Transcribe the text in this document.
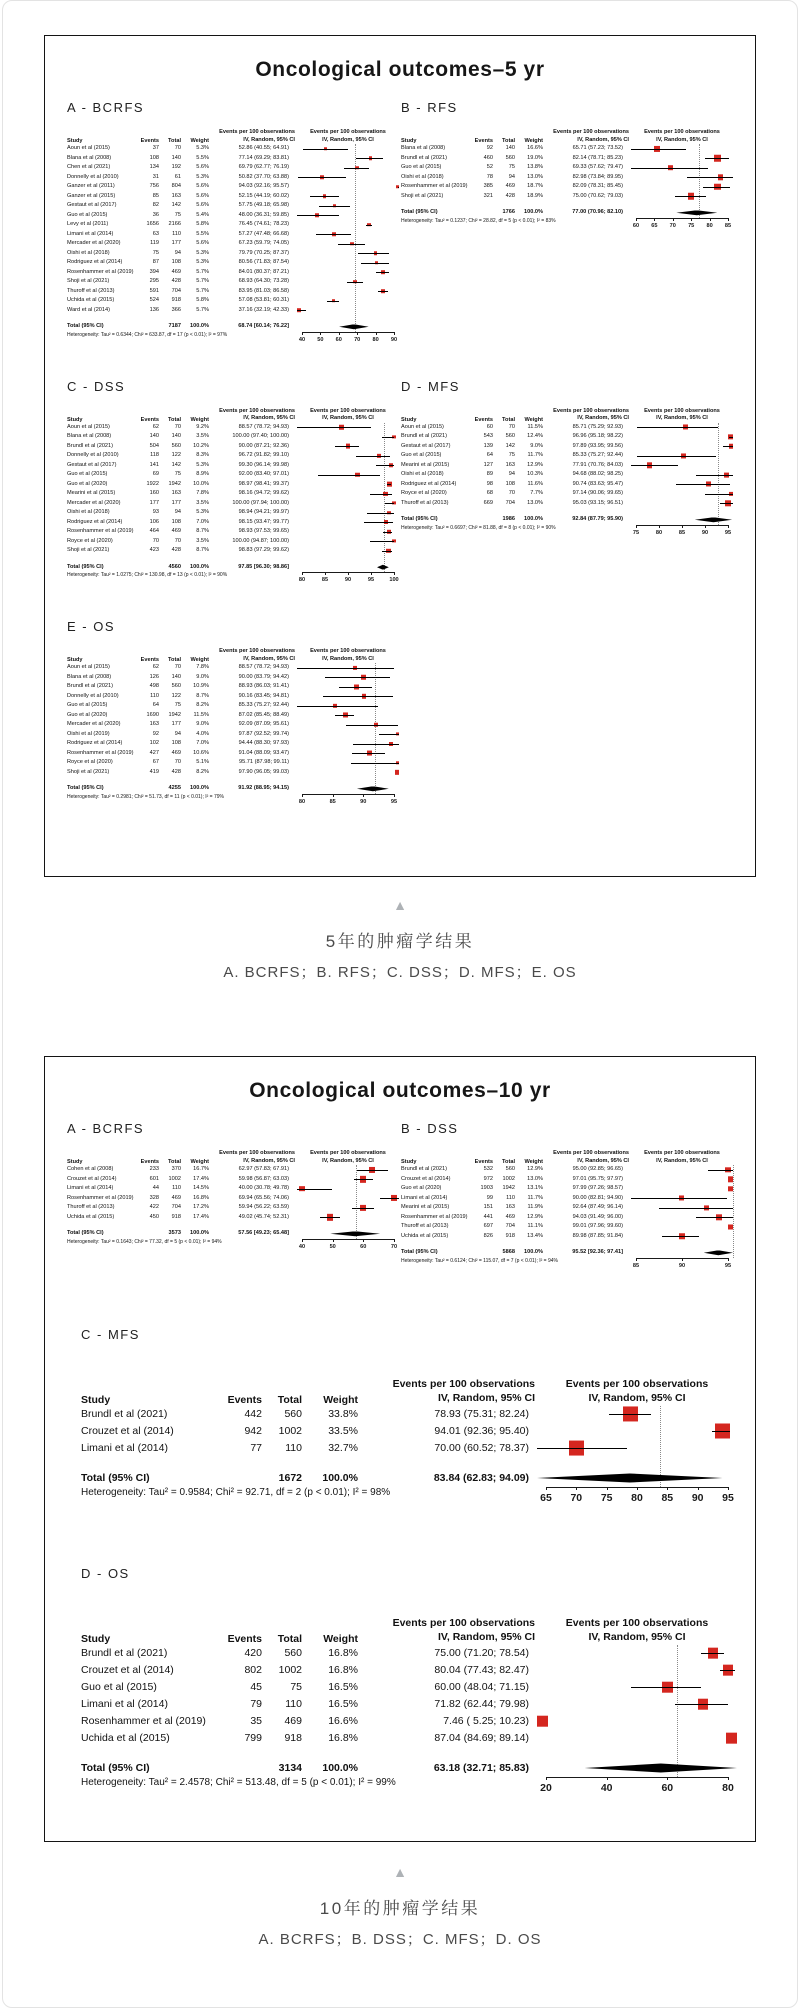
Oncological outcomes–5 yr
A - BCRFS
Study	Events	Total	Weight
Events per 100 observations
IV, Random, 95% CI
Aoun et al (2015)	37	70	5.3%	52.86 (40.55; 64.91)
Blana et al (2008)	108	140	5.5%	77.14 (69.29; 83.81)
Chen et al (2021)	134	192	5.6%	69.79 (62.77; 76.19)
Donnelly et al (2010)	31	61	5.3%	50.82 (37.70; 63.88)
Ganzer et al (2011)	756	804	5.6%	94.03 (92.16; 95.57)
Ganzer et al (2015)	85	163	5.6%	52.15 (44.19; 60.02)
Gestaut et al (2017)	82	142	5.6%	57.75 (49.18; 65.98)
Guo et al (2015)	36	75	5.4%	48.00 (36.31; 59.85)
Levy et al (2011)	1656	2166	5.8%	76.45 (74.61; 78.23)
Limani et al (2014)	63	110	5.5%	57.27 (47.48; 66.68)
Mercader et al (2020)	119	177	5.6%	67.23 (59.79; 74.05)
Oishi et al (2018)	75	94	5.3%	79.79 (70.25; 87.37)
Rodriguez et al (2014)	87	108	5.3%	80.56 (71.83; 87.54)
Rosenhammer et al (2019)	394	469	5.7%	84.01 (80.37; 87.21)
Shoji et al (2021)	295	428	5.7%	68.93 (64.30; 73.28)
Thuroff et al (2013)	591	704	5.7%	83.95 (81.03; 86.58)
Uchida et al (2015)	524	918	5.8%	57.08 (53.81; 60.31)
Ward et al (2014)	136	366	5.7%	37.16 (32.19; 42.33)
Total (95% CI)	7187	100.0%	68.74 [60.14; 76.22]
Heterogeneity: Tau² = 0.6344; Chi² = 633.87, df = 17 (p < 0.01); I² = 97%
Events per 100 observations
IV, Random, 95% CI
40 50 60 70 80 90
B - RFS
Study	Events	Total	Weight
Events per 100 observations
IV, Random, 95% CI
Blana et al (2008)	92	140	16.6%	65.71 (57.23; 73.52)
Brundl et al (2021)	460	560	19.0%	82.14 (78.71; 85.23)
Guo et al (2015)	52	75	13.8%	69.33 (57.62; 79.47)
Oishi et al (2018)	78	94	13.0%	82.98 (73.84; 89.95)
Rosenhammer et al (2019)	385	469	18.7%	82.09 (78.31; 85.45)
Shoji et al (2021)	321	428	18.9%	75.00 (70.62; 79.03)
Total (95% CI)	1766	100.0%	77.00 (70.96; 82.10)
Heterogeneity: Tau² = 0.1237; Chi² = 28.82, df = 5 (p < 0.01); I² = 83%
Events per 100 observations
IV, Random, 95% CI
60 65 70 75 80 85
C - DSS
Study	Events	Total	Weight
Events per 100 observations
IV, Random, 95% CI
Aoun et al (2015)	62	70	9.2%	88.57 (78.72; 94.93)
Blana et al (2008)	140	140	3.5%	100.00 (97.40; 100.00)
Brundl et al (2021)	504	560	10.2%	90.00 (87.21; 92.36)
Donnelly et al (2010)	118	122	8.3%	96.72 (91.82; 99.10)
Gestaut et al (2017)	141	142	5.3%	99.30 (96.14; 99.98)
Guo et al (2015)	69	75	8.9%	92.00 (83.40; 97.01)
Guo et al (2020)	1922	1942	10.0%	98.97 (98.41; 99.37)
Mearini et al (2015)	160	163	7.8%	98.16 (94.72; 99.62)
Mercader et al (2020)	177	177	3.5%	100.00 (97.94; 100.00)
Oishi et al (2018)	93	94	5.3%	98.94 (94.21; 99.97)
Rodriguez et al (2014)	106	108	7.0%	98.15 (93.47; 99.77)
Rosenhammer et al (2019)	464	469	8.7%	98.93 (97.53; 99.65)
Royce et al (2020)	70	70	3.5%	100.00 (94.87; 100.00)
Shoji et al (2021)	423	428	8.7%	98.83 (97.29; 99.62)
Total (95% CI)	4560	100.0%	97.85 [96.30; 98.86]
Heterogeneity: Tau² = 1.0275; Chi² = 130.98, df = 13 (p < 0.01); I² = 90%
Events per 100 observations
IV, Random, 95% CI
80	85	90	95	100
D - MFS
Study	Events	Total	Weight
Events per 100 observations
IV, Random, 95% CI
Aoun et al (2015)	60	70	11.5%	85.71 (75.29; 92.93)
Brundl et al (2021)	543	560	12.4%	96.96 (95.18; 98.22)
Gestaut et al (2017)	139	142	9.0%	97.89 (93.95; 99.56)
Guo et al (2015)	64	75	11.7%	85.33 (75.27; 92.44)
Mearini et al (2015)	127	163	12.9%	77.91 (70.76; 84.03)
Oishi et al (2018)	89	94	10.3%	94.68 (88.02; 98.25)
Rodriguez et al (2014)	98	108	11.6%	90.74 (83.63; 95.47)
Royce et al (2020)	68	70	7.7%	97.14 (90.06; 99.65)
Thuroff et al (2013)	669	704	13.0%	95.03 (93.15; 96.51)
Total (95% CI)	1986	100.0%	92.84 (87.79; 95.90)
Heterogeneity: Tau² = 0.6697; Chi² = 81.88, df = 8 (p < 0.01); I² = 90%
Events per 100 observations
IV, Random, 95% CI
75	80	85	90	95
E - OS
Study	Events	Total	Weight
Events per 100 observations
IV, Random, 95% CI
Aoun et al (2015)	62	70	7.8%	88.57 (78.72; 94.93)
Blana et al (2008)	126	140	9.0%	90.00 (83.79; 94.42)
Brundl et al (2021)	498	560	10.9%	88.93 (86.03; 91.41)
Donnelly et al (2010)	110	122	8.7%	90.16 (83.45; 94.81)
Guo et al (2015)	64	75	8.2%	85.33 (75.27; 92.44)
Guo et al (2020)	1690	1942	11.5%	87.02 (85.45; 88.49)
Mercader et al (2020)	163	177	9.0%	92.09 (87.09; 95.61)
Oishi et al (2019)	92	94	4.0%	97.87 (92.52; 99.74)
Rodriguez et al (2014)	102	108	7.0%	94.44 (88.30; 97.93)
Rosenhammer et al (2019)	427	469	10.6%	91.04 (88.09; 93.47)
Royce et al (2020)	67	70	5.1%	95.71 (87.98; 99.11)
Shoji et al (2021)	419	428	8.2%	97.90 (96.05; 99.03)
Total (95% CI)	4255	100.0%	91.92 (88.95; 94.15)
Heterogeneity: Tau² = 0.2981; Chi² = 51.73, df = 11 (p < 0.01); I² = 79%
Events per 100 observations
IV, Random, 95% CI
80	85	90	95
▲
5年的肿瘤学结果
A. BCRFS；B. RFS；C. DSS；D. MFS；E. OS
Oncological outcomes–10 yr
A - BCRFS
Study	Events	Total	Weight
Events per 100 observations
IV, Random, 95% CI
Cohen et al (2008)	233	370	16.7%	62.97 (57.83; 67.91)
Crouzet et al (2014)	601	1002	17.4%	59.98 (56.87; 63.03)
Limani et al (2014)	44	110	14.5%	40.00 (30.78; 49.78)
Rosenhammer et al (2019)	328	469	16.8%	69.94 (65.56; 74.06)
Thuroff et al (2013)	422	704	17.2%	59.94 (56.22; 63.59)
Uchida et al (2015)	450	918	17.4%	49.02 (45.74; 52.31)
Total (95% CI)	3573	100.0%	57.56 [49.23; 65.48]
Heterogeneity: Tau² = 0.1643; Chi² = 77.32, df = 5 (p < 0.01); I² = 94%
Events per 100 observations
IV, Random, 95% CI
40	50	60	70
B - DSS
Study	Events	Total	Weight
Events per 100 observations
IV, Random, 95% CI
Brundl et al (2021)	532	560	12.9%	95.00 (92.85; 96.65)
Crouzet et al (2014)	972	1002	13.0%	97.01 (95.75; 97.97)
Guo et al (2020)	1903	1942	13.1%	97.99 (97.26; 98.57)
Limani et al (2014)	99	110	11.7%	90.00 (82.81; 94.90)
Mearini et al (2015)	151	163	11.9%	92.64 (87.49; 96.14)
Rosenhammer et al (2019)	441	469	12.9%	94.03 (91.49; 96.00)
Thuroff et al (2013)	697	704	11.1%	99.01 (97.96; 99.60)
Uchida et al (2015)	826	918	13.4%	89.98 (87.85; 91.84)
Total (95% CI)	5868	100.0%	95.52 [92.36; 97.41]
Heterogeneity: Tau² = 0.6124; Chi² = 115.07, df = 7 (p < 0.01); I² = 94%
Events per 100 observations
IV, Random, 95% CI
85	90	95
C - MFS
Study	Events	Total	Weight
Events per 100 observations
IV, Random, 95% CI
Brundl et al (2021)	442	560	33.8%	78.93 (75.31; 82.24)
Crouzet et al (2014)	942	1002	33.5%	94.01 (92.36; 95.40)
Limani et al (2014)	77	110	32.7%	70.00 (60.52; 78.37)
Total (95% CI)	1672	100.0%	83.84 (62.83; 94.09)
Heterogeneity: Tau² = 0.9584; Chi² = 92.71, df = 2 (p < 0.01); I² = 98%
Events per 100 observations
IV, Random, 95% CI
65 70 75 80 85 90 95
D - OS
Study	Events	Total	Weight
Events per 100 observations
IV, Random, 95% CI
Brundl et al (2021)	420	560	16.8%	75.00 (71.20; 78.54)
Crouzet et al (2014)	802	1002	16.8%	80.04 (77.43; 82.47)
Guo et al (2015)	45	75	16.5%	60.00 (48.04; 71.15)
Limani et al (2014)	79	110	16.5%	71.82 (62.44; 79.98)
Rosenhammer et al (2019)	35	469	16.6%	7.46 ( 5.25; 10.23)
Uchida et al (2015)	799	918	16.8%	87.04 (84.69; 89.14)
Total (95% CI)	3134	100.0%	63.18 (32.71; 85.83)
Heterogeneity: Tau² = 2.4578; Chi² = 513.48, df = 5 (p < 0.01); I² = 99%
Events per 100 observations
IV, Random, 95% CI
20	40	60	80
▲
10年的肿瘤学结果
A. BCRFS；B. DSS；C. MFS；D. OS
